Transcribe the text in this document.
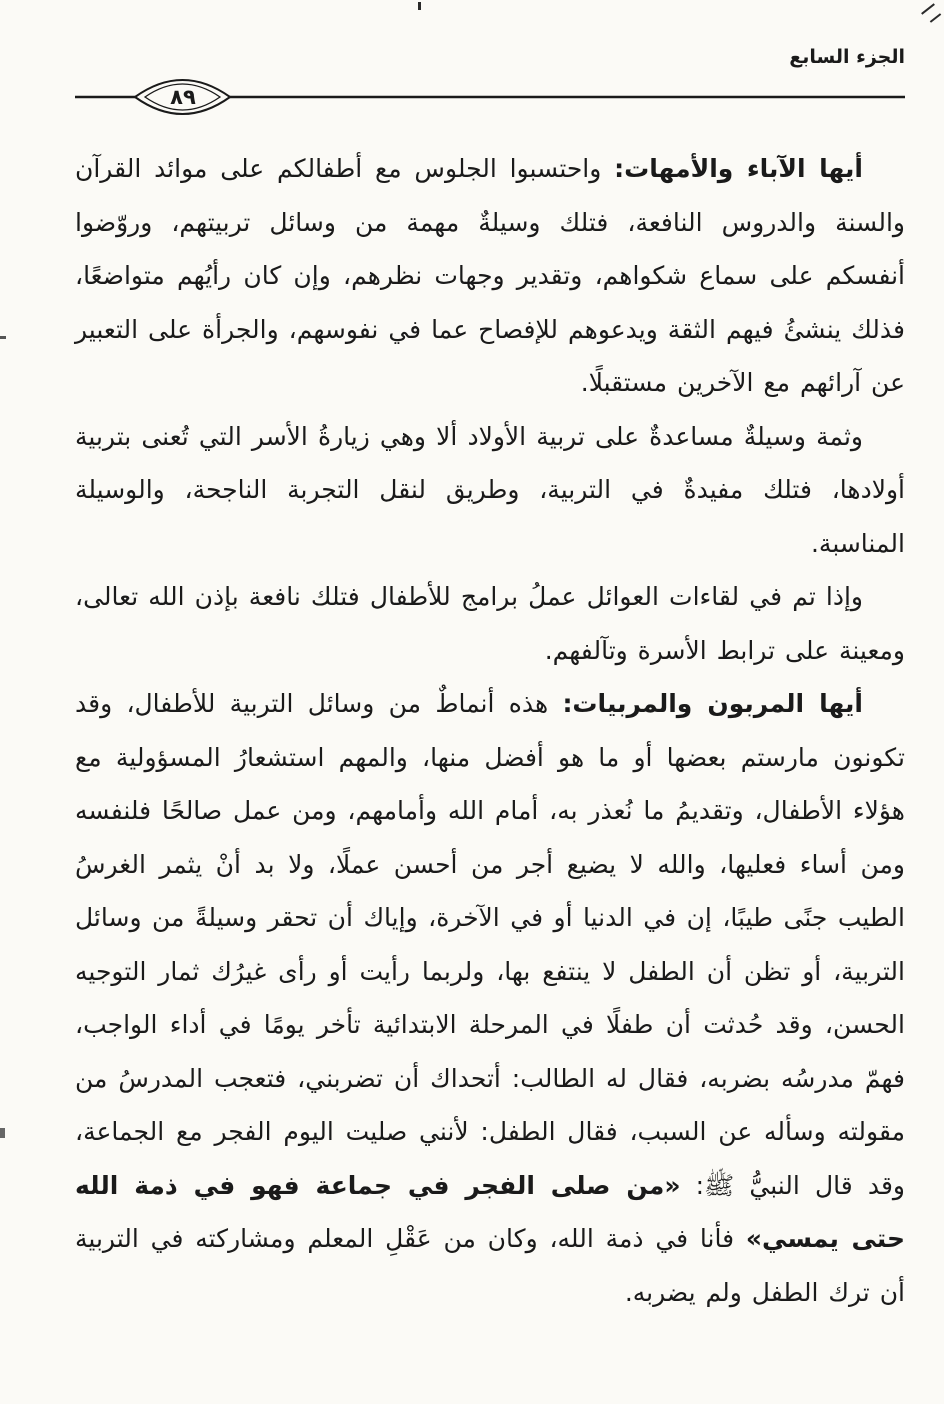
الجزء السابع
٨٩

أيها الآباء والأمهات: واحتسبوا الجلوس مع أطفالكم على موائد القرآن والسنة والدروس النافعة، فتلك وسيلةٌ مهمة من وسائل تربيتهم، وروّضوا أنفسكم على سماع شكواهم، وتقدير وجهات نظرهم، وإن كان رأيُهم متواضعًا، فذلك ينشئُ فيهم الثقة ويدعوهم للإفصاح عما في نفوسهم، والجرأة على التعبير عن آرائهم مع الآخرين مستقبلًا.

وثمة وسيلةٌ مساعدةٌ على تربية الأولاد ألا وهي زيارةُ الأسر التي تُعنى بتربية أولادها، فتلك مفيدةٌ في التربية، وطريق لنقل التجربة الناجحة، والوسيلة المناسبة.

وإذا تم في لقاءات العوائل عملُ برامج للأطفال فتلك نافعة بإذن الله تعالى، ومعينة على ترابط الأسرة وتآلفهم.

أيها المربون والمربيات: هذه أنماطٌ من وسائل التربية للأطفال، وقد تكونون مارستم بعضها أو ما هو أفضل منها، والمهم استشعارُ المسؤولية مع هؤلاء الأطفال، وتقديمُ ما نُعذر به، أمام الله وأمامهم، ومن عمل صالحًا فلنفسه ومن أساء فعليها، والله لا يضيع أجر من أحسن عملًا، ولا بد أنْ يثمر الغرسُ الطيب جنًى طيبًا، إن في الدنيا أو في الآخرة، وإياك أن تحقر وسيلةً من وسائل التربية، أو تظن أن الطفل لا ينتفع بها، ولربما رأيت أو رأى غيرُك ثمار التوجيه الحسن، وقد حُدثت أن طفلًا في المرحلة الابتدائية تأخر يومًا في أداء الواجب، فهمّ مدرسُه بضربه، فقال له الطالب: أتحداك أن تضربني، فتعجب المدرسُ من مقولته وسأله عن السبب، فقال الطفل: لأنني صليت اليوم الفجر مع الجماعة، وقد قال النبيُّ ﷺ: «من صلى الفجر في جماعة فهو في ذمة الله حتى يمسي» فأنا في ذمة الله، وكان من عَقْلِ المعلم ومشاركته في التربية أن ترك الطفل ولم يضربه.
